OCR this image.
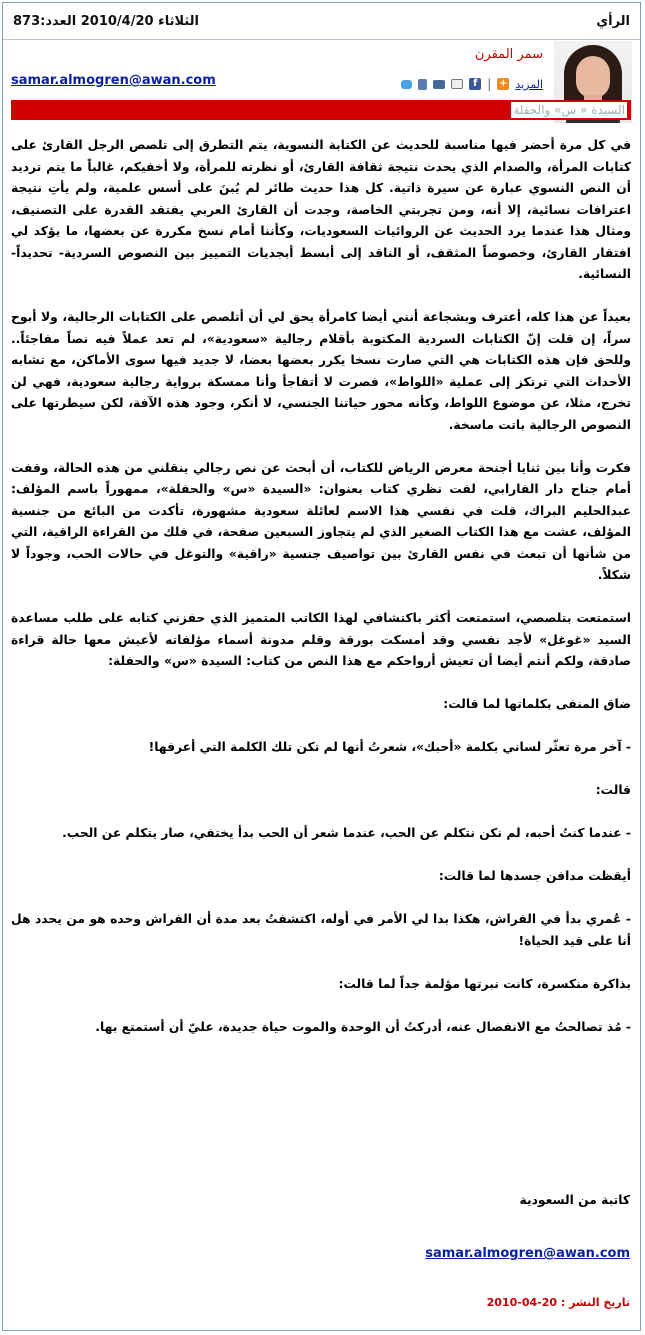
الثلاثاء 2010/4/20 العدد:873	الرأي
سمر المقرن
samar.almogren@awan.com	f | + المزيد
السيدة « س» والحفلة

في كل مرة أحضر فيها مناسبة للحديث عن الكتابة النسوية، يتم التطرق إلى تلصص الرجل القارئ على كتابات المرأة، والصدام الذي يحدث نتيجة ثقافة القارئ، أو نظرته للمرأة، ولا أخفيكم، غالباً ما يتم ترديد أن النص النسوي عبارة عن سيرة ذاتية. كل هذا حديث طائر لم يُبنَ على أسس علمية، ولم يأتِ نتيجة اعترافات نسائية، إلا أنه، ومن تجربتي الخاصة، وجدت أن القارئ العربي يفتقد القدرة على التصنيف، ومثال هذا عندما يرد الحديث عن الروائيات السعوديات، وكأننا أمام نسخ مكررة عن بعضها، ما يؤكد لي افتقار القارئ، وخصوصاً المثقف، أو الناقد إلى أبسط أبجديات التمييز بين النصوص السردية- تحديداً- النسائية.

بعيداً عن هذا كله، أعترف وبشجاعة أنني أيضا كامرأة يحق لي أن أتلصص على الكتابات الرجالية، ولا أبوح سراً، إن قلت إنّ الكتابات السردية المكتوبة بأقلام رجالية «سعودية»، لم تعد عملاً فيه نصاً مفاجئاً.. وللحق فإن هذه الكتابات هي التي صارت نسخا يكرر بعضها بعضا، لا جديد فيها سوى الأماكن، مع تشابه الأحداث التي ترتكز إلى عملية «اللواط»، فصرت لا أتفاجأ وأنا ممسكة برواية رجالية سعودية، فهي لن تخرج، مثلا، عن موضوع اللواط، وكأنه محور حياتنا الجنسي، لا أنكر، وجود هذه الآفة، لكن سيطرتها على النصوص الرجالية باتت ماسخة.

فكرت وأنا بين ثنايا أجنحة معرض الرياض للكتاب، أن أبحث عن نص رجالي ينقلني من هذه الحالة، وقفت أمام جناح دار الفارابي، لفت نظري كتاب بعنوان: «السيدة «س» والحفلة»، ممهوراً باسم المؤلف: عبدالحليم البراك، قلت في نفسي هذا الاسم لعائلة سعودية مشهورة، تأكدت من البائع من جنسية المؤلف، عشت مع هذا الكتاب الصغير الذي لم يتجاوز السبعين صفحة، في فلك من القراءة الراقية، التي من شأنها أن تبعث في نفس القارئ بين تواصيف جنسية «راقية» والتوغل في حالات الحب، وجوداً لا شكلاً.

استمتعت بتلصصي، استمتعت أكثر باكتشافي لهذا الكاتب المتميز الذي حفزني كتابه على طلب مساعدة السيد «غوغل» لأجد نفسي وقد أمسكت بورقة وقلم مدونة أسماء مؤلفاته لأعيش معها حالة قراءة صادقة، ولكم أنتم أيضا أن تعيش أرواحكم مع هذا النص من كتاب: السيدة «س» والحفلة:

ضاق المنفى بكلماتها لما قالت:

- آخر مرة تعثّر لساني بكلمة «أحبك»، شعرتُ أنها لم تكن تلك الكلمة التي أعرفها!

قالت:

- عندما كنتُ أحبه، لم نكن نتكلم عن الحب، عندما شعر أن الحب بدأ يختفي، صار يتكلم عن الحب.

أيقظت مدافن جسدها لما قالت:

- عُمري بدأ في الفراش، هكذا بدا لي الأمر في أوله، اكتشفتُ بعد مدة أن الفراش وحده هو من يحدد هل أنا على قيد الحياة!

بذاكرة منكسرة، كانت نبرتها مؤلمة جداً لما قالت:

- مُذ تصالحتُ مع الانفصال عنه، أدركتُ أن الوحدة والموت حياة جديدة، عليّ أن أستمتع بها.

كاتبة من السعودية
samar.almogren@awan.com
تاريخ النشر : 20-04-2010
